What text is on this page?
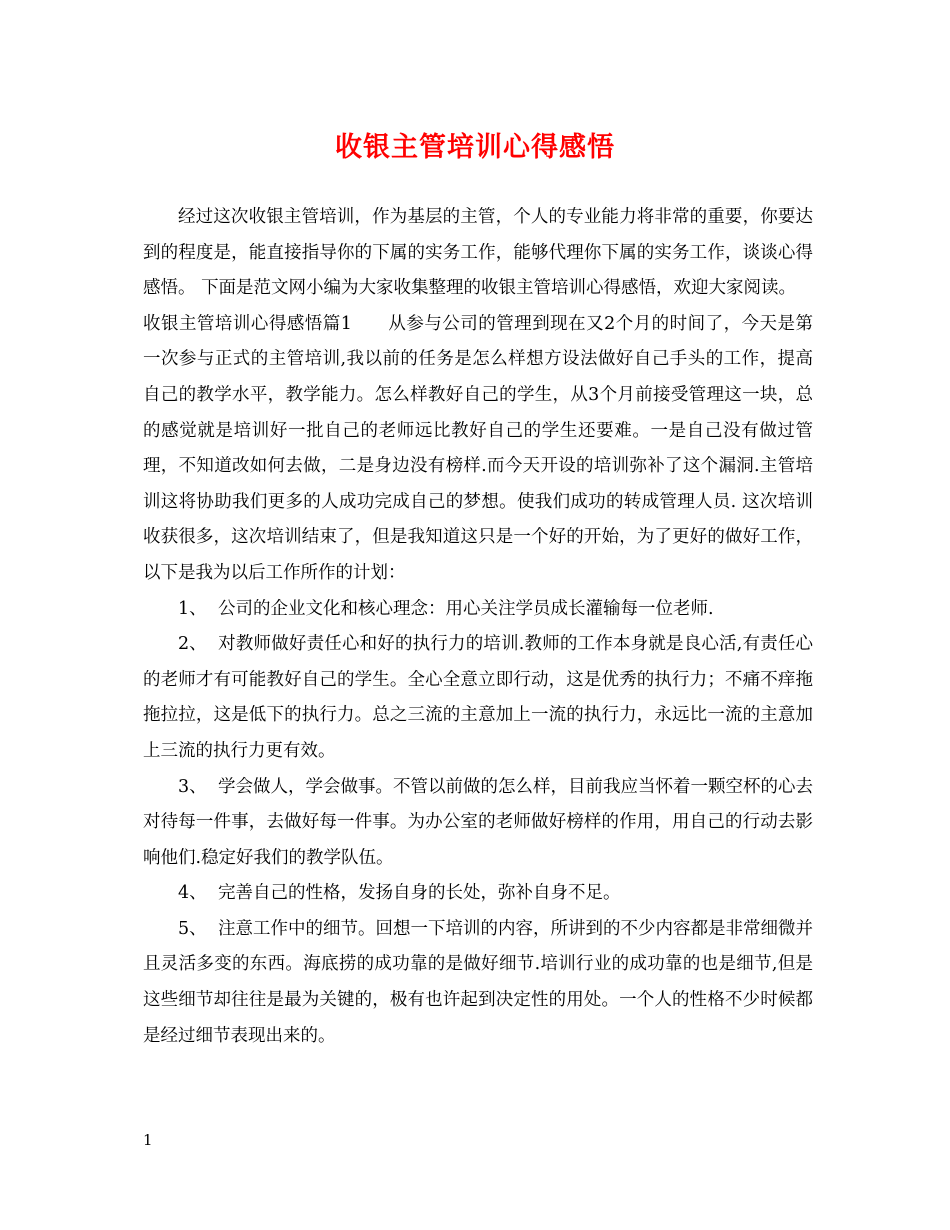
收银主管培训心得感悟

经过这次收银主管培训，作为基层的主管，个人的专业能力将非常的重要，你要达到的程度是，能直接指导你的下属的实务工作，能够代理你下属的实务工作，谈谈心得感悟。 下面是范文网小编为大家收集整理的收银主管培训心得感悟，欢迎大家阅读。

收银主管培训心得感悟篇1 从参与公司的管理到现在又2个月的时间了，今天是第一次参与正式的主管培训,我以前的任务是怎么样想方设法做好自己手头的工作，提高自己的教学水平，教学能力。怎么样教好自己的学生，从3个月前接受管理这一块，总的感觉就是培训好一批自己的老师远比教好自己的学生还要难。一是自己没有做过管理，不知道改如何去做，二是身边没有榜样.而今天开设的培训弥补了这个漏洞.主管培训这将协助我们更多的人成功完成自己的梦想。使我们成功的转成管理人员. 这次培训收获很多，这次培训结束了，但是我知道这只是一个好的开始，为了更好的做好工作，以下是我为以后工作所作的计划：

1、 公司的企业文化和核心理念：用心关注学员成长灌输每一位老师.

2、 对教师做好责任心和好的执行力的培训.教师的工作本身就是良心活,有责任心的老师才有可能教好自己的学生。全心全意立即行动，这是优秀的执行力；不痛不痒拖拖拉拉，这是低下的执行力。总之三流的主意加上一流的执行力，永远比一流的主意加上三流的执行力更有效。

3、 学会做人，学会做事。不管以前做的怎么样，目前我应当怀着一颗空杯的心去对待每一件事，去做好每一件事。为办公室的老师做好榜样的作用，用自己的行动去影响他们.稳定好我们的教学队伍。

4、 完善自己的性格，发扬自身的长处，弥补自身不足。

5、 注意工作中的细节。回想一下培训的内容，所讲到的不少内容都是非常细微并且灵活多变的东西。海底捞的成功靠的是做好细节.培训行业的成功靠的也是细节,但是这些细节却往往是最为关键的，极有也许起到决定性的用处。一个人的性格不少时候都是经过细节表现出来的。

1
